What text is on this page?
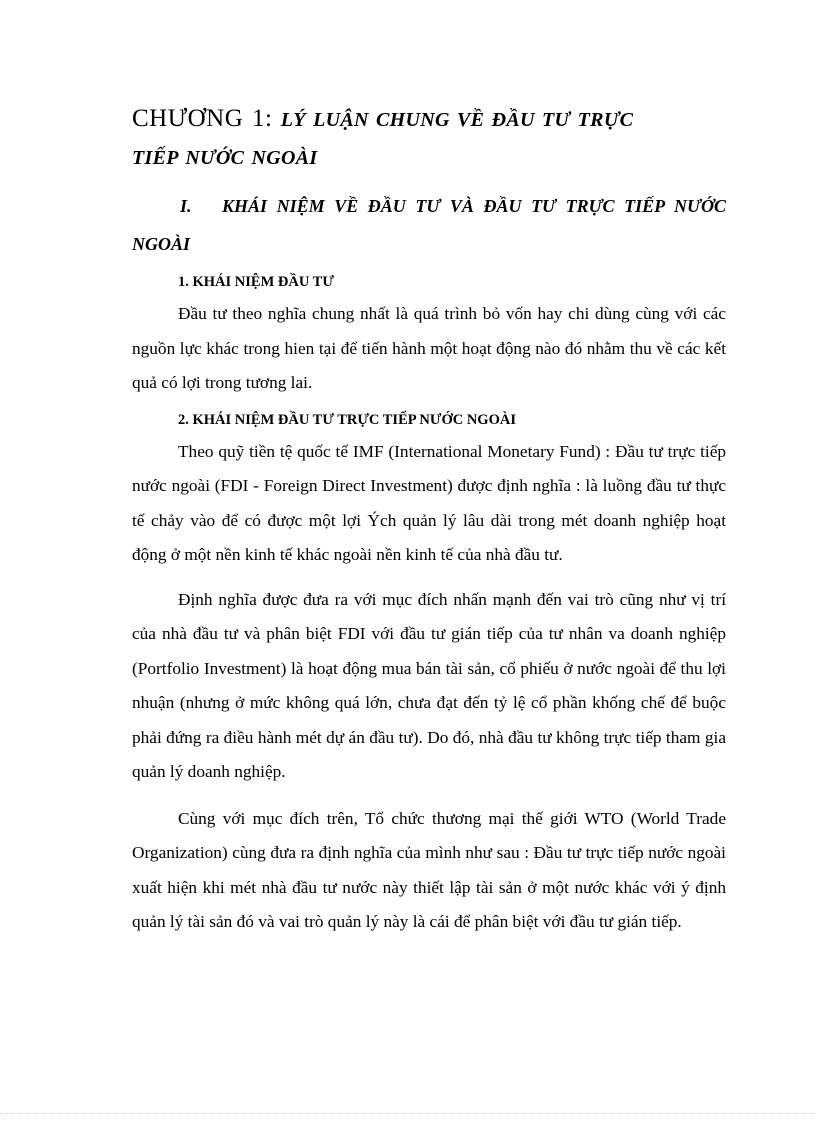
CHƯƠNG 1: LÝ LUẬN CHUNG VỀ ĐẦU TƯ TRỰC
TIẾP NƯỚC NGOÀI
I. KHÁI NIỆM VỀ ĐẦU TƯ VÀ ĐẦU TƯ TRỰC TIẾP NƯỚC NGOÀI
1. KHÁI NIỆM ĐẦU TƯ

Đầu tư theo nghĩa chung nhất là quá trình bỏ vốn hay chi dùng cùng với các nguồn lực khác trong hien tại để tiến hành một hoạt động nào đó nhằm thu về các kết quả có lợi trong tương lai.

2. KHÁI NIỆM ĐẦU TƯ TRỰC TIẾP NƯỚC NGOÀI

Theo quỹ tiền tệ quốc tế IMF (International Monetary Fund) : Đầu tư trực tiếp nước ngoài (FDI - Foreign Direct Investment) được định nghĩa : là luồng đầu tư thực tế chảy vào để có được một lợi Ých quản lý lâu dài trong mét doanh nghiệp hoạt động ở một nền kinh tế khác ngoài nền kinh tế của nhà đầu tư.

Định nghĩa được đưa ra với mục đích nhấn mạnh đến vai trò cũng như vị trí của nhà đầu tư và phân biệt FDI với đầu tư gián tiếp của tư nhân va doanh nghiệp (Portfolio Investment) là hoạt động mua bán tài sản, cổ phiếu ở nước ngoài để thu lợi nhuận (nhưng ở mức không quá lớn, chưa đạt đến tỷ lệ cổ phần khống chế để buộc phải đứng ra điều hành mét dự án đầu tư). Do đó, nhà đầu tư không trực tiếp tham gia quản lý doanh nghiệp.

Cùng với mục đích trên, Tổ chức thương mại thế giới WTO (World Trade Organization) cùng đưa ra định nghĩa của mình như sau : Đầu tư trực tiếp nước ngoài xuất hiện khi mét nhà đầu tư nước này thiết lập tài sản ở một nước khác với ý định quản lý tài sản đó và vai trò quản lý này là cái để phân biệt với đầu tư gián tiếp.
